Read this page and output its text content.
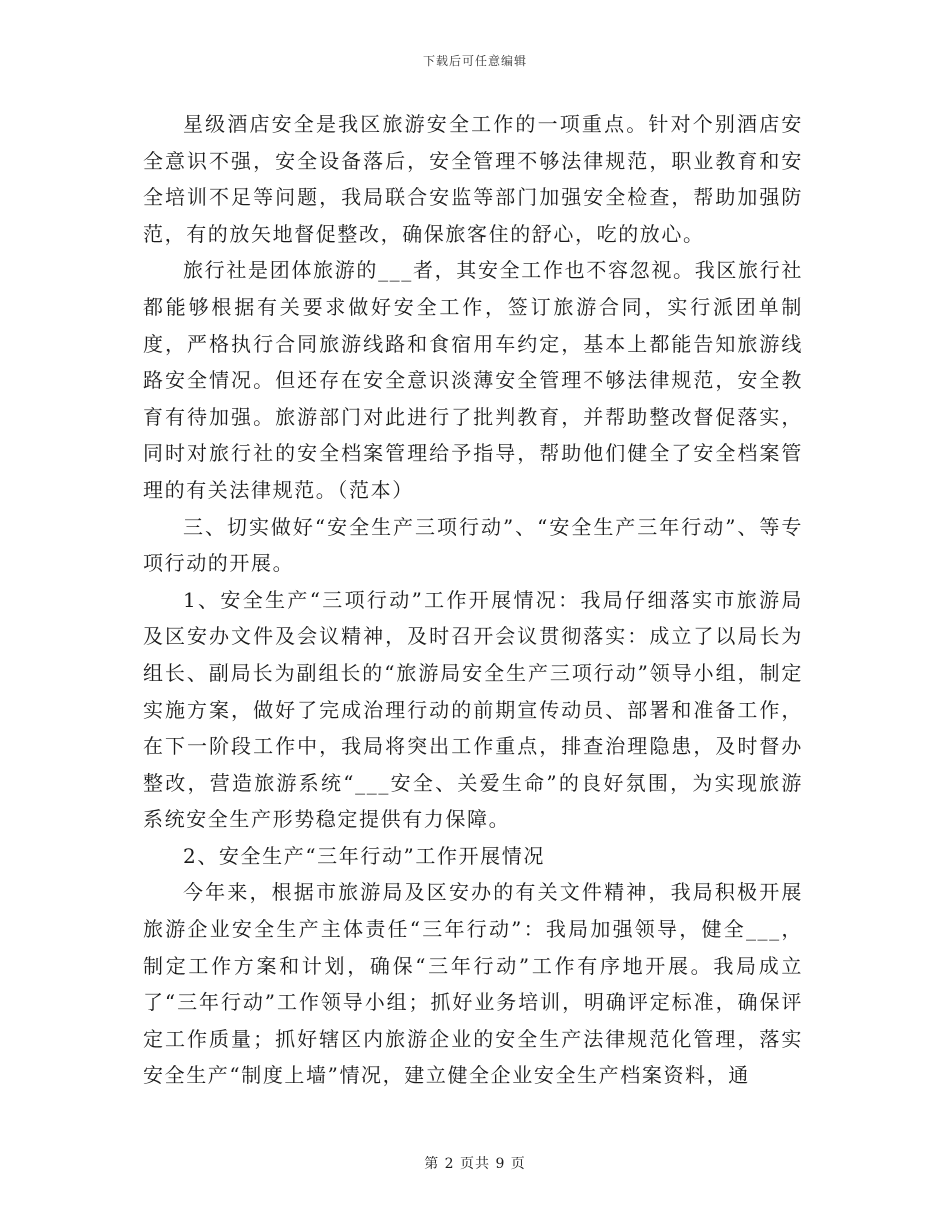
下载后可任意编辑

星级酒店安全是我区旅游安全工作的一项重点。针对个别酒店安全意识不强，安全设备落后，安全管理不够法律规范，职业教育和安全培训不足等问题，我局联合安监等部门加强安全检查，帮助加强防范，有的放矢地督促整改，确保旅客住的舒心，吃的放心。

旅行社是团体旅游的___者，其安全工作也不容忽视。我区旅行社都能够根据有关要求做好安全工作，签订旅游合同，实行派团单制度，严格执行合同旅游线路和食宿用车约定，基本上都能告知旅游线路安全情况。但还存在安全意识淡薄安全管理不够法律规范，安全教育有待加强。旅游部门对此进行了批判教育，并帮助整改督促落实，同时对旅行社的安全档案管理给予指导，帮助他们健全了安全档案管理的有关法律规范。（范本）

三、切实做好“安全生产三项行动”、“安全生产三年行动”、等专项行动的开展。

1、安全生产“三项行动”工作开展情况：我局仔细落实市旅游局及区安办文件及会议精神，及时召开会议贯彻落实：成立了以局长为组长、副局长为副组长的“旅游局安全生产三项行动”领导小组，制定实施方案，做好了完成治理行动的前期宣传动员、部署和准备工作，在下一阶段工作中，我局将突出工作重点，排查治理隐患，及时督办整改，营造旅游系统“___安全、关爱生命”的良好氛围，为实现旅游系统安全生产形势稳定提供有力保障。

2、安全生产“三年行动”工作开展情况

今年来，根据市旅游局及区安办的有关文件精神，我局积极开展旅游企业安全生产主体责任“三年行动”：我局加强领导，健全___，制定工作方案和计划，确保“三年行动”工作有序地开展。我局成立了“三年行动”工作领导小组；抓好业务培训，明确评定标准，确保评定工作质量；抓好辖区内旅游企业的安全生产法律规范化管理，落实安全生产“制度上墙”情况，建立健全企业安全生产档案资料，通

第 2 页共 9 页
